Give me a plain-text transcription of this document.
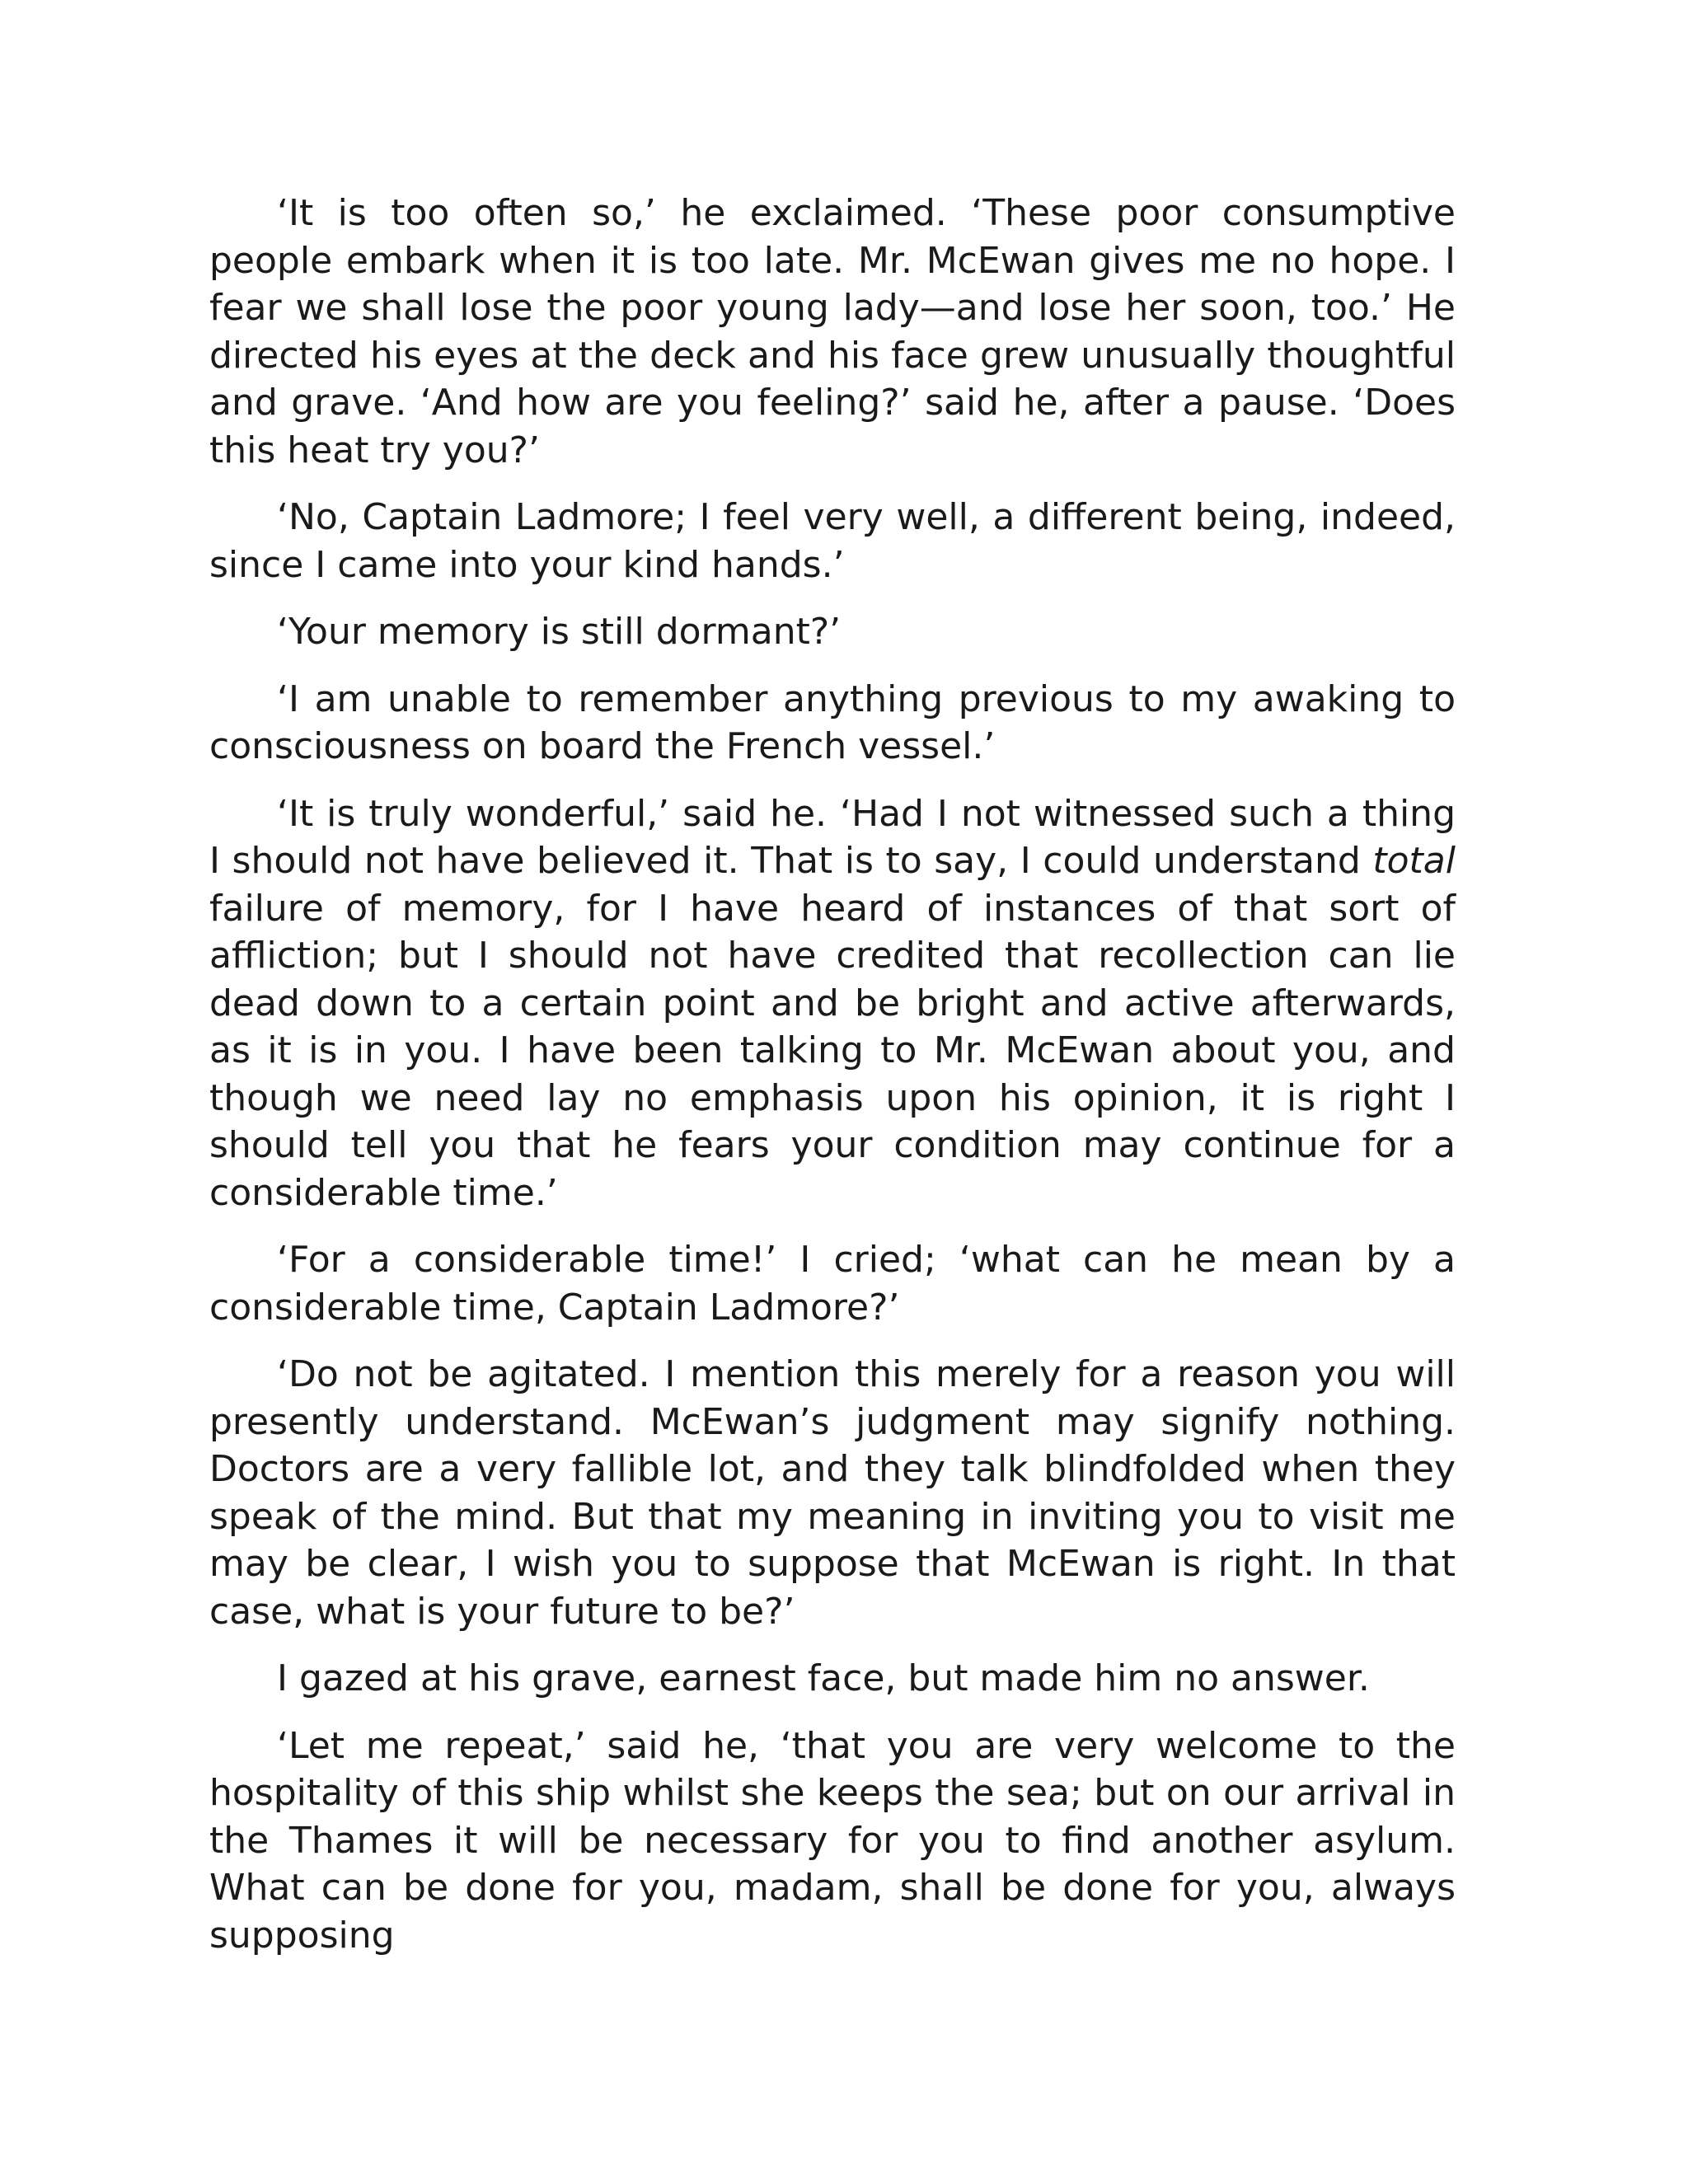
‘It is too often so,’ he exclaimed. ‘These poor consumptive people embark when it is too late. Mr. McEwan gives me no hope. I fear we shall lose the poor young lady—and lose her soon, too.’ He directed his eyes at the deck and his face grew unusually thoughtful and grave. ‘And how are you feeling?’ said he, after a pause. ‘Does this heat try you?’

‘No, Captain Ladmore; I feel very well, a different being, indeed, since I came into your kind hands.’

‘Your memory is still dormant?’

‘I am unable to remember anything previous to my awaking to consciousness on board the French vessel.’

‘It is truly wonderful,’ said he. ‘Had I not witnessed such a thing I should not have believed it. That is to say, I could understand total failure of memory, for I have heard of instances of that sort of affliction; but I should not have credited that recollection can lie dead down to a certain point and be bright and active afterwards, as it is in you. I have been talking to Mr. McEwan about you, and though we need lay no emphasis upon his opinion, it is right I should tell you that he fears your condition may continue for a considerable time.’

‘For a considerable time!’ I cried; ‘what can he mean by a considerable time, Captain Ladmore?’

‘Do not be agitated. I mention this merely for a reason you will presently understand. McEwan’s judgment may signify nothing. Doctors are a very fallible lot, and they talk blindfolded when they speak of the mind. But that my meaning in inviting you to visit me may be clear, I wish you to suppose that McEwan is right. In that case, what is your future to be?’

I gazed at his grave, earnest face, but made him no answer.

‘Let me repeat,’ said he, ‘that you are very welcome to the hospitality of this ship whilst she keeps the sea; but on our arrival in the Thames it will be necessary for you to find another asylum. What can be done for you, madam, shall be done for you, always supposing
